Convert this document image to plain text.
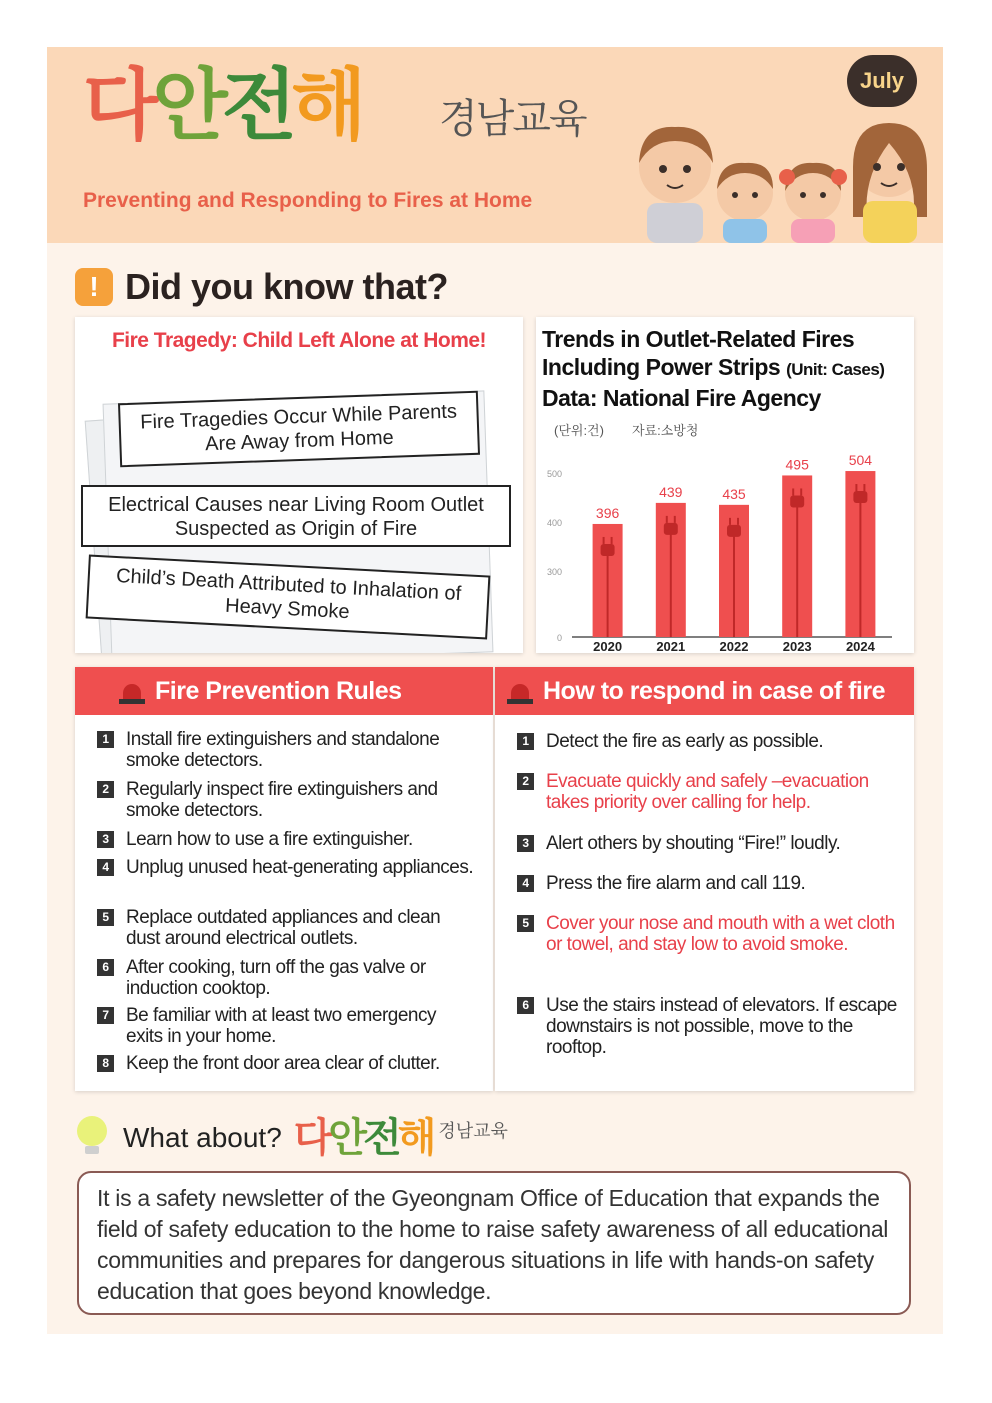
다안전해 경남교육
Preventing and Responding to Fires at Home
July
! Did you know that?
Fire Tragedy: Child Left Alone at Home!
Fire Tragedies Occur While Parents Are Away from Home
Electrical Causes near Living Room Outlet Suspected as Origin of Fire
Child’s Death Attributed to Inhalation of Heavy Smoke
Trends in Outlet-Related Fires
Including Power Strips (Unit: Cases)
Data: National Fire Agency
(단위:건) 자료:소방청
0
300
400
500
396
2020
439
2021
435
2022
495
2023
504
2024
Fire Prevention Rules
1 Install fire extinguishers and standalone smoke detectors.
2 Regularly inspect fire extinguishers and smoke detectors.
3 Learn how to use a fire extinguisher.
4 Unplug unused heat-generating appliances.
5 Replace outdated appliances and clean dust around electrical outlets.
6 After cooking, turn off the gas valve or induction cooktop.
7 Be familiar with at least two emergency exits in your home.
8 Keep the front door area clear of clutter.
How to respond in case of fire
1 Detect the fire as early as possible.
2 Evacuate quickly and safely –evacuation takes priority over calling for help.
3 Alert others by shouting “Fire!” loudly.
4 Press the fire alarm and call 119.
5 Cover your nose and mouth with a wet cloth or towel, and stay low to avoid smoke.
6 Use the stairs instead of elevators. If escape downstairs is not possible, move to the rooftop.
What about? 다안전해 경남교육
It is a safety newsletter of the Gyeongnam Office of Education that expands the field of safety education to the home to raise safety awareness of all educational communities and prepares for dangerous situations in life with hands-on safety education that goes beyond knowledge.
